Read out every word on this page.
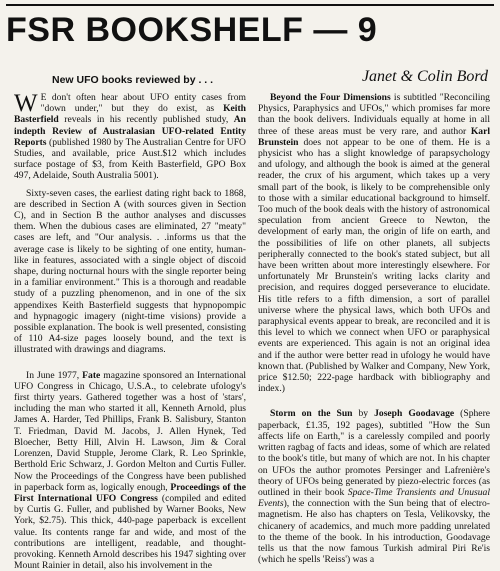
FSR BOOKSHELF — 9
New UFO books reviewed by . . .	Janet & Colin Bord

W E don't often hear about UFO entity cases from "down under," but they do exist, as Keith Basterfield reveals in his recently published study, An indepth Review of Australasian UFO-related Entity Reports (published 1980 by The Australian Centre for UFO Studies, and available, price Aust.$12 which includes surface postage of $3, from Keith Basterfield, GPO Box 497, Adelaide, South Australia 5001).

Sixty-seven cases, the earliest dating right back to 1868, are described in Section A (with sources given in Section C), and in Section B the author analyses and discusses them. When the dubious cases are eliminated, 27 "meaty" cases are left, and "Our analysis. . .informs us that the average case is likely to be sighting of one entity, human-like in features, associated with a single object of discoid shape, during nocturnal hours with the single reporter being in a familiar environment." This is a thorough and readable study of a puzzling phenomenon, and in one of the six appendixes Keith Basterfield suggests that hypnopompic and hypnagogic imagery (night-time visions) provide a possible explanation. The book is well presented, consisting of 110 A4-size pages loosely bound, and the text is illustrated with drawings and diagrams.

In June 1977, Fate magazine sponsored an International UFO Congress in Chicago, U.S.A., to celebrate ufology's first thirty years. Gathered together was a host of 'stars', including the man who started it all, Kenneth Arnold, plus James A. Harder, Ted Phillips, Frank B. Salisbury, Stanton T. Friedman, David M. Jacobs, J. Allen Hynek, Ted Bloecher, Betty Hill, Alvin H. Lawson, Jim & Coral Lorenzen, David Stupple, Jerome Clark, R. Leo Sprinkle, Berthold Eric Schwarz, J. Gordon Melton and Curtis Fuller. Now the Proceedings of the Congress have been published in paperback form as, logically enough, Proceedings of the First International UFO Congress (compiled and edited by Curtis G. Fuller, and published by Warner Books, New York, $2.75). This thick, 440-page paperback is excellent value. Its contents range far and wide, and most of the contributions are intelligent, readable, and thought-provoking. Kenneth Arnold describes his 1947 sighting over Mount Rainier in detail, also his involvement in the

Beyond the Four Dimensions is subtitled "Reconciling Physics, Paraphysics and UFOs," which promises far more than the book delivers. Individuals equally at home in all three of these areas must be very rare, and author Karl Brunstein does not appear to be one of them. He is a physicist who has a slight knowledge of parapsychology and ufology, and although the book is aimed at the general reader, the crux of his argument, which takes up a very small part of the book, is likely to be comprehensible only to those with a similar educational background to himself. Too much of the book deals with the history of astronomical speculation from ancient Greece to Newton, the development of early man, the origin of life on earth, and the possibilities of life on other planets, all subjects peripherally connected to the book's stated subject, but all have been written about more interestingly elsewhere. For unfortunately Mr Brunstein's writing lacks clarity and precision, and requires dogged perseverance to elucidate. His title refers to a fifth dimension, a sort of parallel universe where the physical laws, which both UFOs and paraphysical events appear to break, are reconciled and it is this level to which we connect when UFO or paraphysical events are experienced. This again is not an original idea and if the author were better read in ufology he would have known that. (Published by Walker and Company, New York, price $12.50; 222-page hardback with bibliography and index.)

Storm on the Sun by Joseph Goodavage (Sphere paperback, £1.35, 192 pages), subtitled "How the Sun affects life on Earth," is a carelessly compiled and poorly written ragbag of facts and ideas, some of which are related to the book's title, but many of which are not. In his chapter on UFOs the author promotes Persinger and Lafrenière's theory of UFOs being generated by piezo-electric forces (as outlined in their book Space-Time Transients and Unusual Events), the connection with the Sun being that of electro-magnetism. He also has chapters on Tesla, Velikovsky, the chicanery of academics, and much more padding unrelated to the theme of the book. In his introduction, Goodavage tells us that the now famous Turkish admiral Piri Re'is (which he spells 'Reiss') was a
